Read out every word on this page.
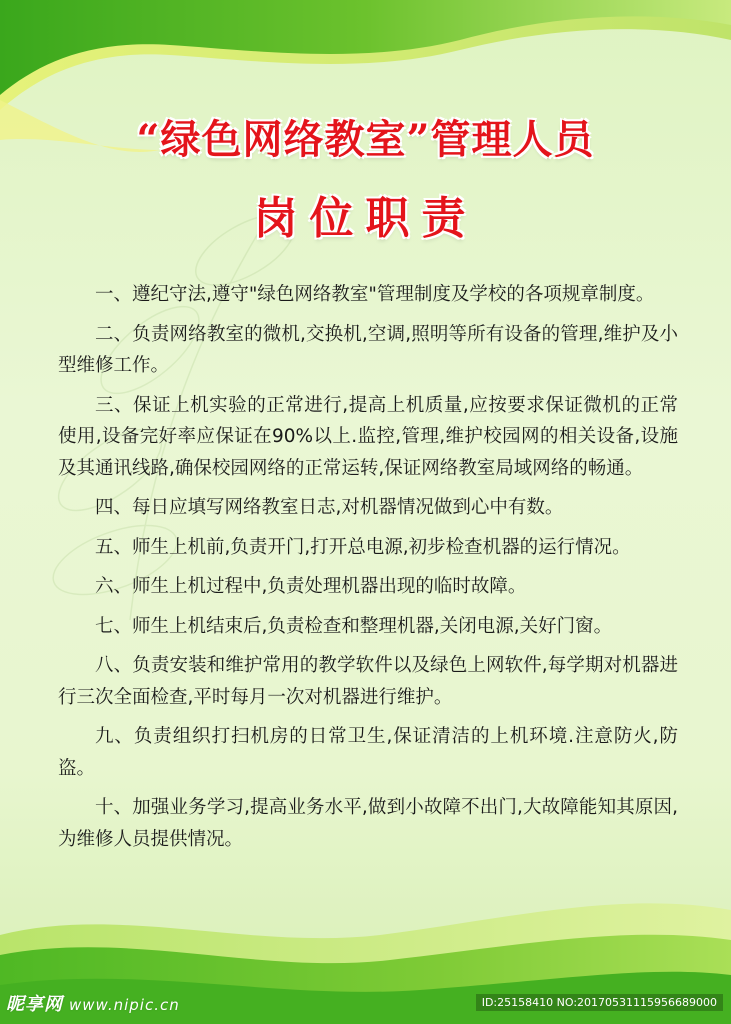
“绿色网络教室”管理人员
岗位职责

一、遵纪守法,遵守"绿色网络教室"管理制度及学校的各项规章制度。

二、负责网络教室的微机,交换机,空调,照明等所有设备的管理,维护及小型维修工作。

三、保证上机实验的正常进行,提高上机质量,应按要求保证微机的正常使用,设备完好率应保证在90%以上.监控,管理,维护校园网的相关设备,设施及其通讯线路,确保校园网络的正常运转,保证网络教室局域网络的畅通。

四、每日应填写网络教室日志,对机器情况做到心中有数。

五、师生上机前,负责开门,打开总电源,初步检查机器的运行情况。

六、师生上机过程中,负责处理机器出现的临时故障。

七、师生上机结束后,负责检查和整理机器,关闭电源,关好门窗。

八、负责安装和维护常用的教学软件以及绿色上网软件,每学期对机器进行三次全面检查,平时每月一次对机器进行维护。

九、负责组织打扫机房的日常卫生,保证清洁的上机环境.注意防火,防盗。

十、加强业务学习,提高业务水平,做到小故障不出门,大故障能知其原因,为维修人员提供情况。

昵享网 www.nipic.cn	ID:25158410 NO:20170531115956689000
